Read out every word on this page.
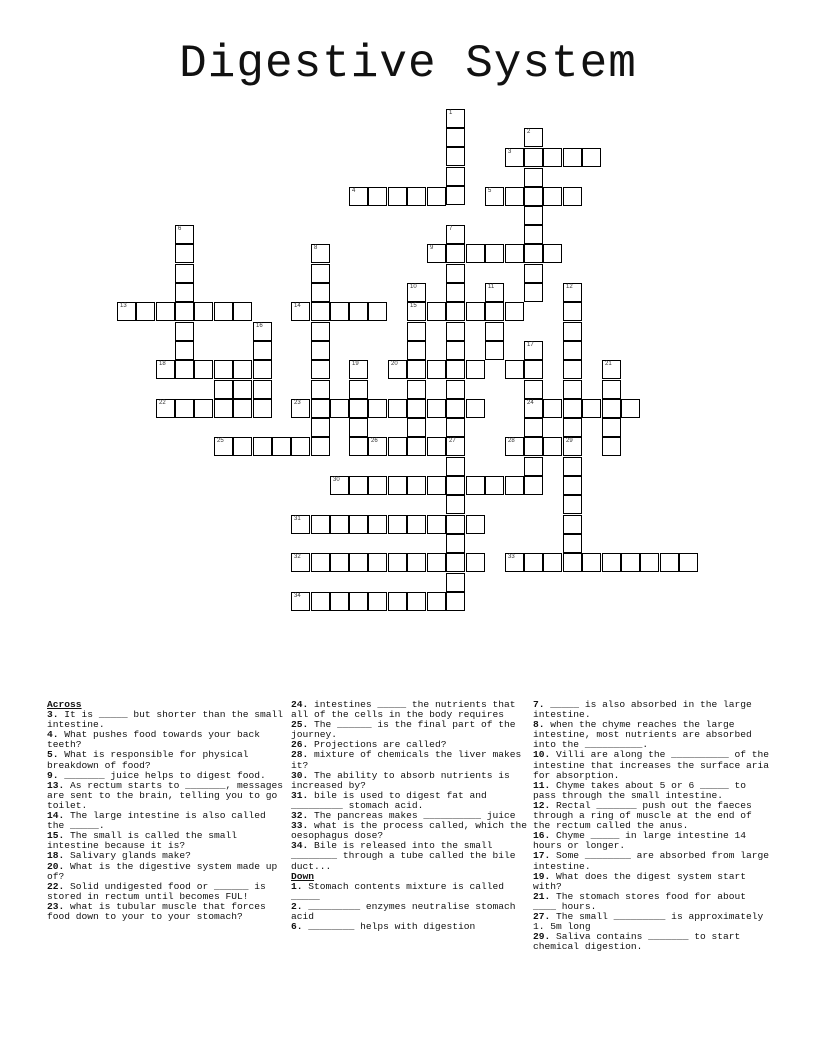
Digestive System
1
2
3
4	5
6	7
8	9
10
15
11	12
29
13	14
16
17
24
18	19	20	21
22	23
25	26	27	28
30
31
32	33
34

Across

3. It is _____ but shorter than the small intestine.

4. What pushes food towards your back teeth?

5. What is responsible for physical breakdown of food?

9. _______ juice helps to digest food.

13. As rectum starts to _______, messages are sent to the brain, telling you to go toilet.

14. The large intestine is also called the _____.

15. The small is called the small intestine because it is?

18. Salivary glands make?

20. What is the digestive system made up of?

22. Solid undigested food or ______ is stored in rectum until becomes FUL!

23. what is tubular muscle that forces food down to your to your stomach?

24. intestines _____ the nutrients that all of the cells in the body requires

25. The ______ is the final part of the journey.

26. Projections are called?

28. mixture of chemicals the liver makes it?

30. The ability to absorb nutrients is increased by?

31. bile is used to digest fat and _________ stomach acid.

32. The pancreas makes __________ juice

33. what is the process called, which the oesophagus dose?

34. Bile is released into the small ________ through a tube called the bile duct...

Down

1. Stomach contents mixture is called _____

2. _________ enzymes neutralise stomach acid

6. ________ helps with digestion

7. _____ is also absorbed in the large intestine.

8. when the chyme reaches the large intestine, most nutrients are absorbed into the __________.

10. Villi are along the __________ of the intestine that increases the surface aria for absorption.

11. Chyme takes about 5 or 6 _____ to pass through the small intestine.

12. Rectal _______ push out the faeces through a ring of muscle at the end of the rectum called the anus.

16. Chyme _____ in large intestine 14 hours or longer.

17. Some ________ are absorbed from large intestine.

19. What does the digest system start with?

21. The stomach stores food for about ____ hours.

27. The small _________ is approximately 1. 5m long

29. Saliva contains _______ to start chemical digestion.
